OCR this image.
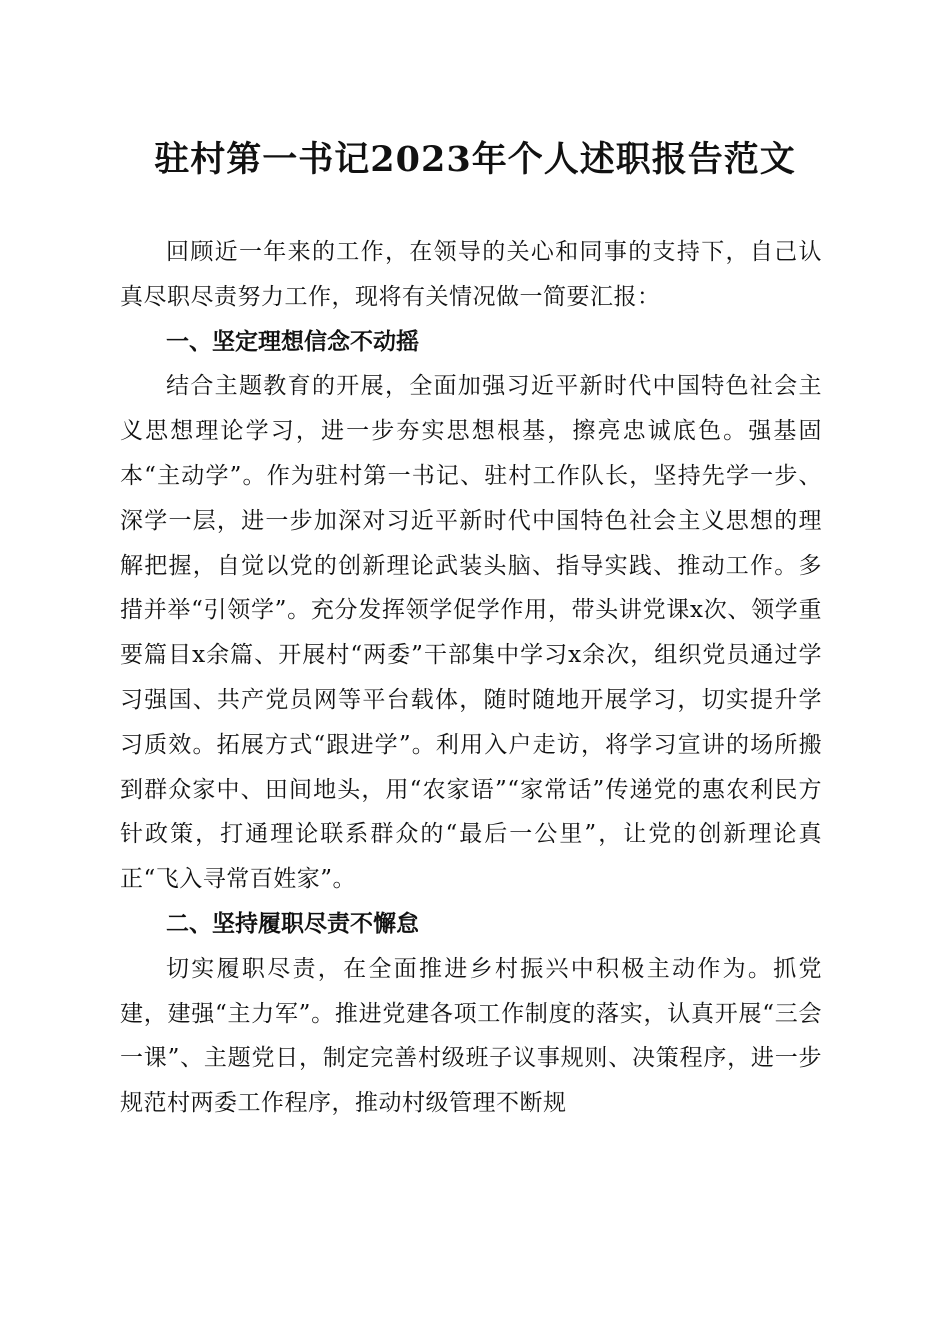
驻村第一书记2023年个人述职报告范文

回顾近一年来的工作，在领导的关心和同事的支持下，自己认真尽职尽责努力工作，现将有关情况做一简要汇报：

一、坚定理想信念不动摇

结合主题教育的开展，全面加强习近平新时代中国特色社会主义思想理论学习，进一步夯实思想根基，擦亮忠诚底色。强基固本“主动学”。作为驻村第一书记、驻村工作队长，坚持先学一步、深学一层，进一步加深对习近平新时代中国特色社会主义思想的理解把握，自觉以党的创新理论武装头脑、指导实践、推动工作。多措并举“引领学”。充分发挥领学促学作用，带头讲党课x次、领学重要篇目x余篇、开展村“两委”干部集中学习x余次，组织党员通过学习强国、共产党员网等平台载体，随时随地开展学习，切实提升学习质效。拓展方式“跟进学”。利用入户走访，将学习宣讲的场所搬到群众家中、田间地头，用“农家语”“家常话”传递党的惠农利民方针政策，打通理论联系群众的“最后一公里”，让党的创新理论真正“飞入寻常百姓家”。

二、坚持履职尽责不懈怠

切实履职尽责，在全面推进乡村振兴中积极主动作为。抓党建，建强“主力军”。推进党建各项工作制度的落实，认真开展“三会一课”、主题党日，制定完善村级班子议事规则、决策程序，进一步规范村两委工作程序，推动村级管理不断规
